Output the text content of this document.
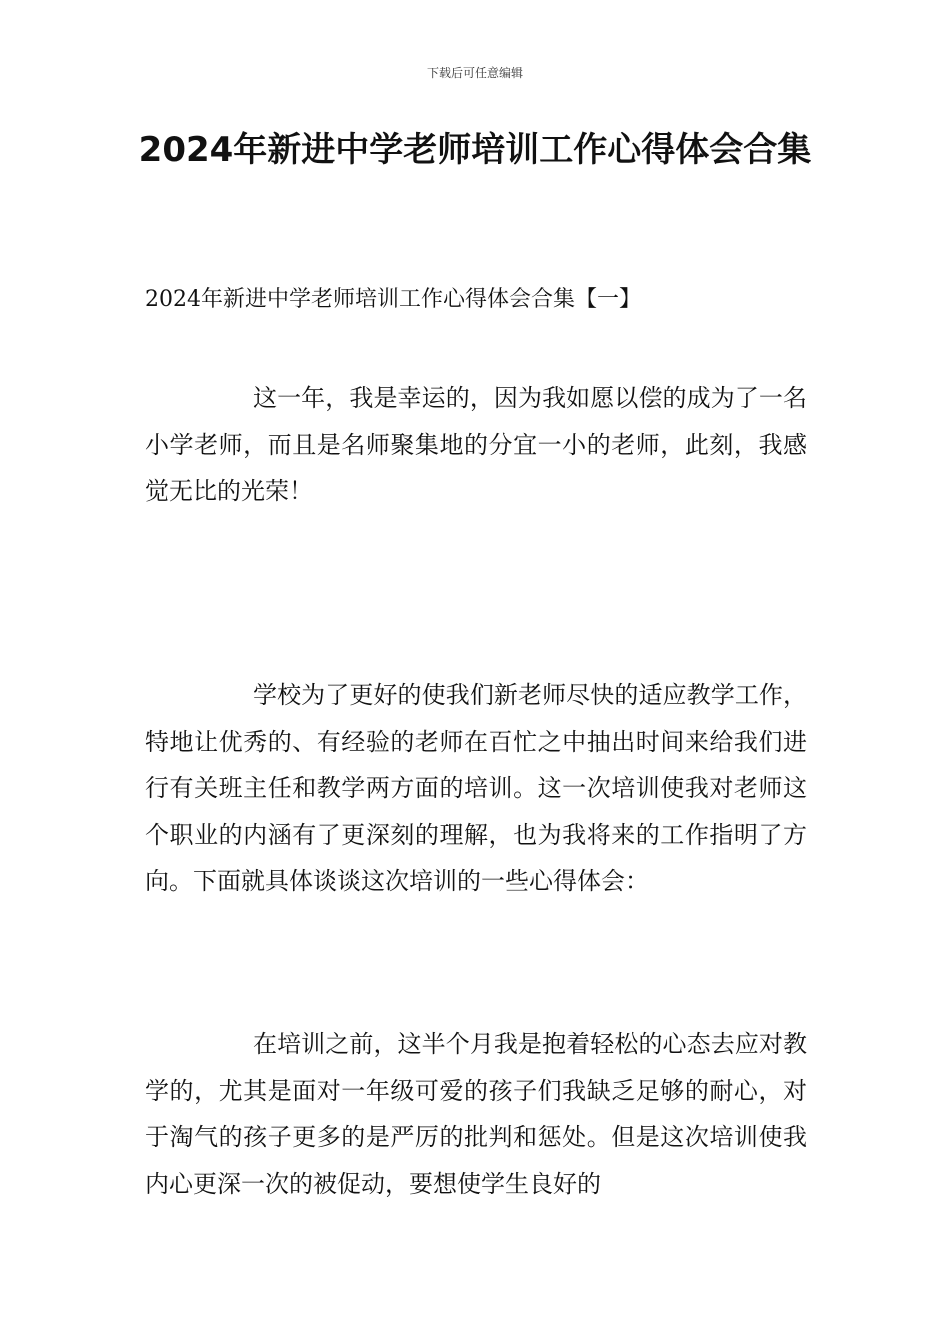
下载后可任意编辑
2024年新进中学老师培训工作心得体会合集
2024年新进中学老师培训工作心得体会合集【一】

这一年，我是幸运的，因为我如愿以偿的成为了一名小学老师，而且是名师聚集地的分宜一小的老师，此刻，我感觉无比的光荣！

学校为了更好的使我们新老师尽快的适应教学工作，特地让优秀的、有经验的老师在百忙之中抽出时间来给我们进行有关班主任和教学两方面的培训。这一次培训使我对老师这个职业的内涵有了更深刻的理解，也为我将来的工作指明了方向。下面就具体谈谈这次培训的一些心得体会：

在培训之前，这半个月我是抱着轻松的心态去应对教学的，尤其是面对一年级可爱的孩子们我缺乏足够的耐心，对于淘气的孩子更多的是严厉的批判和惩处。但是这次培训使我内心更深一次的被促动，要想使学生良好的
